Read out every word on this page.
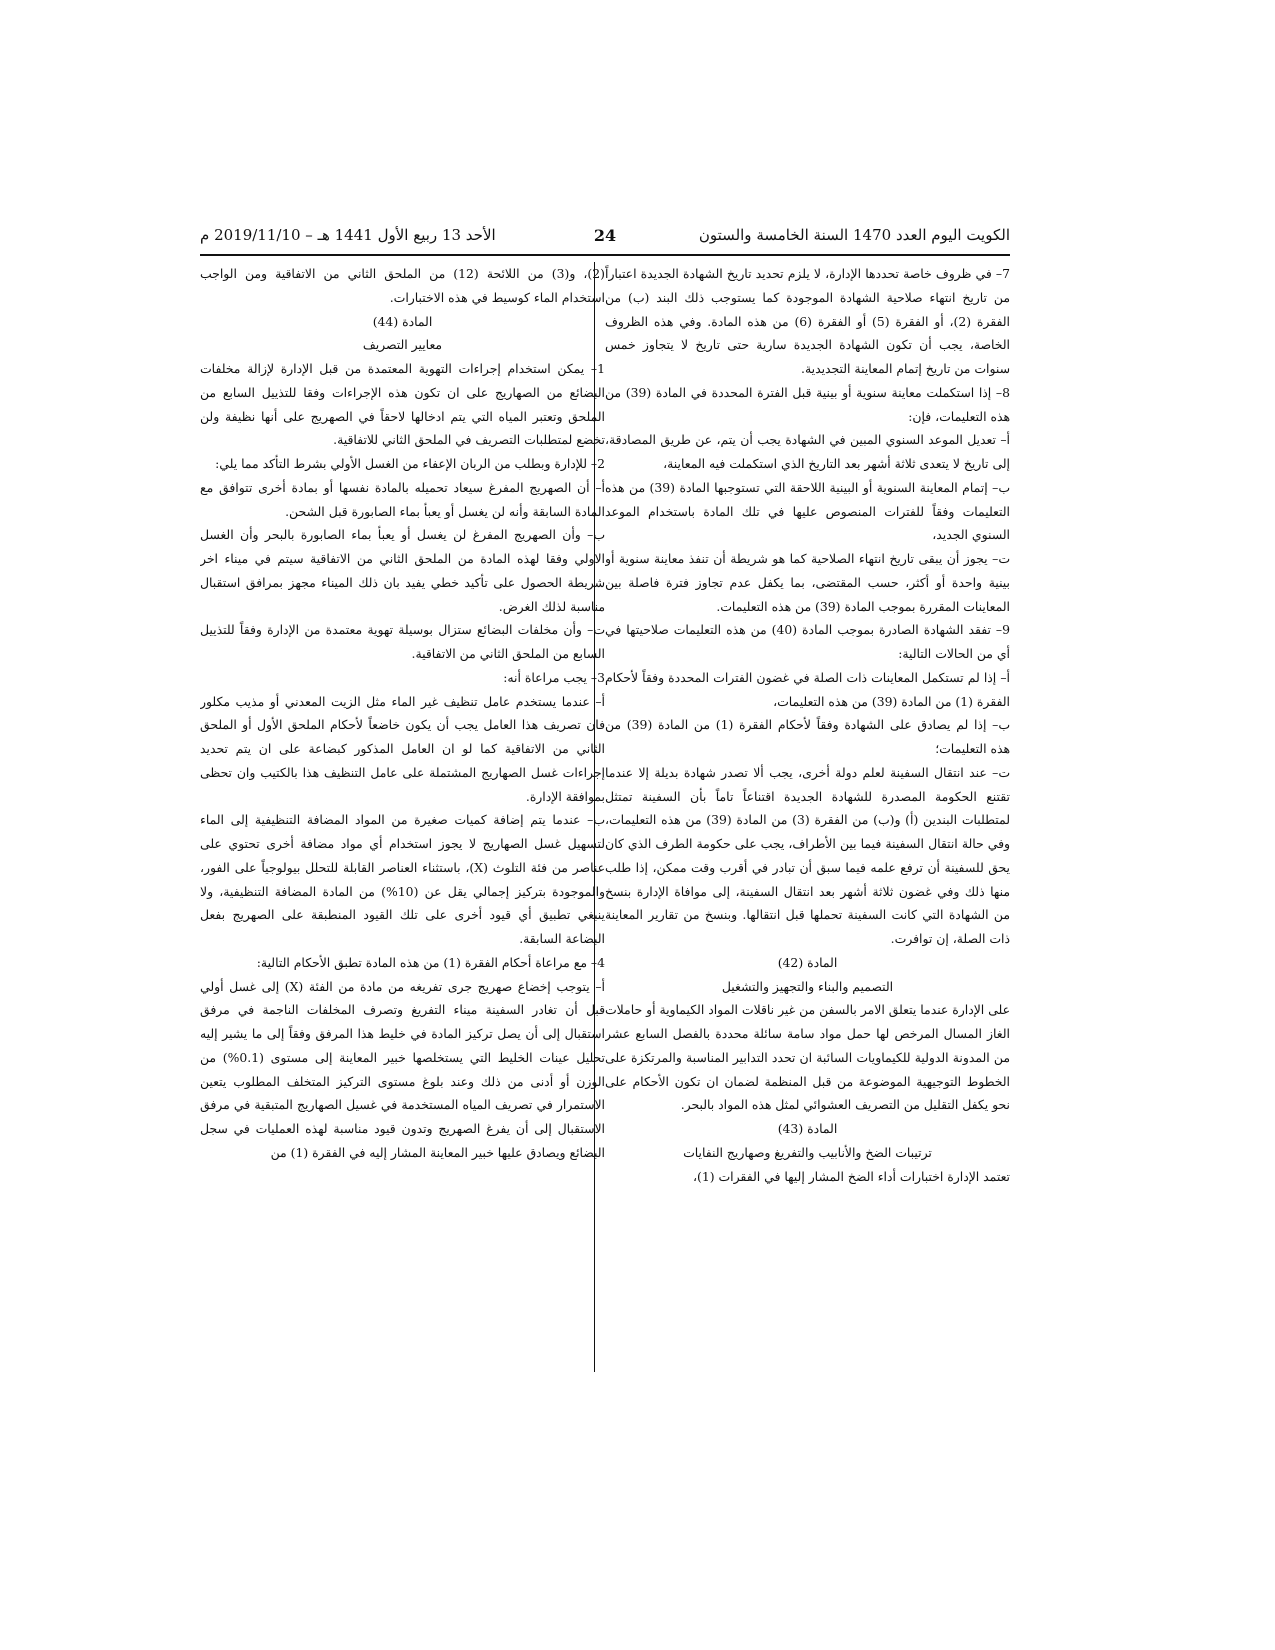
الكويت اليوم العدد 1470 السنة الخامسة والستون
24
الأحد 13 ربيع الأول 1441 هـ – 2019/11/10 م

7– في ظروف خاصة تحددها الإدارة، لا يلزم تحديد تاريخ الشهادة الجديدة اعتباراً من تاريخ انتهاء صلاحية الشهادة الموجودة كما يستوجب ذلك البند (ب) من الفقرة (2)، أو الفقرة (5) أو الفقرة (6) من هذه المادة. وفي هذه الظروف الخاصة، يجب أن تكون الشهادة الجديدة سارية حتى تاريخ لا يتجاوز خمس سنوات من تاريخ إتمام المعاينة التجديدية.

8– إذا استكملت معاينة سنوية أو بينية قبل الفترة المحددة في المادة (39) من هذه التعليمات، فإن:

أ– تعديل الموعد السنوي المبين في الشهادة يجب أن يتم، عن طريق المصادقة، إلى تاريخ لا يتعدى ثلاثة أشهر بعد التاريخ الذي استكملت فيه المعاينة،

ب– إتمام المعاينة السنوية أو البينية اللاحقة التي تستوجبها المادة (39) من هذه التعليمات وفقاً للفترات المنصوص عليها في تلك المادة باستخدام الموعد السنوي الجديد،

ت– يجوز أن يبقى تاريخ انتهاء الصلاحية كما هو شريطة أن تنفذ معاينة سنوية أو بينية واحدة أو أكثر، حسب المقتضى، بما يكفل عدم تجاوز فترة فاصلة بين المعاينات المقررة بموجب المادة (39) من هذه التعليمات.

9– تفقد الشهادة الصادرة بموجب المادة (40) من هذه التعليمات صلاحيتها في أي من الحالات التالية:

أ– إذا لم تستكمل المعاينات ذات الصلة في غضون الفترات المحددة وفقاً لأحكام الفقرة (1) من المادة (39) من هذه التعليمات،

ب– إذا لم يصادق على الشهادة وفقاً لأحكام الفقرة (1) من المادة (39) من هذه التعليمات؛

ت– عند انتقال السفينة لعلم دولة أخرى، يجب ألا تصدر شهادة بديلة إلا عندما تقتنع الحكومة المصدرة للشهادة الجديدة اقتناعاً تاماً بأن السفينة تمتثل لمتطلبات البندين (أ) و(ب) من الفقرة (3) من المادة (39) من هذه التعليمات، وفي حالة انتقال السفينة فيما بين الأطراف، يجب على حكومة الطرف الذي كان يحق للسفينة أن ترفع علمه فيما سبق أن تبادر في أقرب وقت ممكن، إذا طلب منها ذلك وفي غضون ثلاثة أشهر بعد انتقال السفينة، إلى موافاة الإدارة بنسخ من الشهادة التي كانت السفينة تحملها قبل انتقالها. وبنسخ من تقارير المعاينة ذات الصلة، إن توافرت.

المادة (42)

التصميم والبناء والتجهيز والتشغيل

على الإدارة عندما يتعلق الامر بالسفن من غير ناقلات المواد الكيماوية أو حاملات الغاز المسال المرخص لها حمل مواد سامة سائلة محددة بالفصل السابع عشر من المدونة الدولية للكيماويات السائبة ان تحدد التدابير المناسبة والمرتكزة على الخطوط التوجيهية الموضوعة من قبل المنظمة لضمان ان تكون الأحكام على نحو يكفل التقليل من التصريف العشوائي لمثل هذه المواد بالبحر.

المادة (43)

ترتيبات الضخ والأنابيب والتفريغ وصهاريج النفايات

تعتمد الإدارة اختبارات أداء الضخ المشار إليها في الفقرات (1)،

(2)، و(3) من اللائحة (12) من الملحق الثاني من الاتفاقية ومن الواجب استخدام الماء كوسيط في هذه الاختبارات.

المادة (44)

معايير التصريف

1– يمكن استخدام إجراءات التهوية المعتمدة من قبل الإدارة لإزالة مخلفات البضائع من الصهاريج على ان تكون هذه الإجراءات وفقا للتذييل السابع من الملحق وتعتبر المياه التي يتم ادخالها لاحقاً في الصهريج على أنها نظيفة ولن تخضع لمتطلبات التصريف في الملحق الثاني للاتفاقية.

2– للإدارة وبطلب من الربان الإعفاء من الغسل الأولي بشرط التأكد مما يلي:

أ– أن الصهريج المفرغ سيعاد تحميله بالمادة نفسها أو بمادة أخرى تتوافق مع المادة السابقة وأنه لن يغسل أو يعبأ بماء الصابورة قبل الشحن.

ب– وأن الصهريج المفرغ لن يغسل أو يعبأ بماء الصابورة بالبحر وأن الغسل الاولي وفقا لهذه المادة من الملحق الثاني من الاتفاقية سيتم في ميناء اخر شريطة الحصول على تأكيد خطي يفيد بان ذلك الميناء مجهز بمرافق استقبال مناسبة لذلك الغرض.

ت– وأن مخلفات البضائع ستزال بوسيلة تهوية معتمدة من الإدارة وفقاً للتذييل السابع من الملحق الثاني من الاتفاقية.

3– يجب مراعاة أنه:

أ– عندما يستخدم عامل تنظيف غير الماء مثل الزيت المعدني أو مذيب مكلور فان تصريف هذا العامل يجب أن يكون خاضعاً لأحكام الملحق الأول أو الملحق الثاني من الاتفاقية كما لو ان العامل المذكور كبضاعة على ان يتم تحديد إجراءات غسل الصهاريج المشتملة على عامل التنظيف هذا بالكتيب وان تحظى بموافقة الإدارة.

ب– عندما يتم إضافة كميات صغيرة من المواد المضافة التنظيفية إلى الماء لتسهيل غسل الصهاريج لا يجوز استخدام أي مواد مضافة أخرى تحتوي على عناصر من فئة التلوث (X)، باستثناء العناصر القابلة للتحلل بيولوجياً على الفور، والموجودة بتركيز إجمالي يقل عن (10%) من المادة المضافة التنظيفية، ولا ينبغي تطبيق أي قيود أخرى على تلك القيود المنطبقة على الصهريج بفعل البضاعة السابقة.

4– مع مراعاة أحكام الفقرة (1) من هذه المادة تطبق الأحكام التالية:

أ– يتوجب إخضاع صهريج جرى تفريغه من مادة من الفئة (X) إلى غسل أولي قبل أن تغادر السفينة ميناء التفريغ وتصرف المخلفات الناجمة في مرفق استقبال إلى أن يصل تركيز المادة في خليط هذا المرفق وفقاً إلى ما يشير إليه تحليل عينات الخليط التي يستخلصها خبير المعاينة إلى مستوى (0.1%) من الوزن أو أدنى من ذلك وعند بلوغ مستوى التركيز المتخلف المطلوب يتعين الاستمرار في تصريف المياه المستخدمة في غسيل الصهاريج المتبقية في مرفق الاستقبال إلى أن يفرغ الصهريج وتدون قيود مناسبة لهذه العمليات في سجل البضائع ويصادق عليها خبير المعاينة المشار إليه في الفقرة (1) من
